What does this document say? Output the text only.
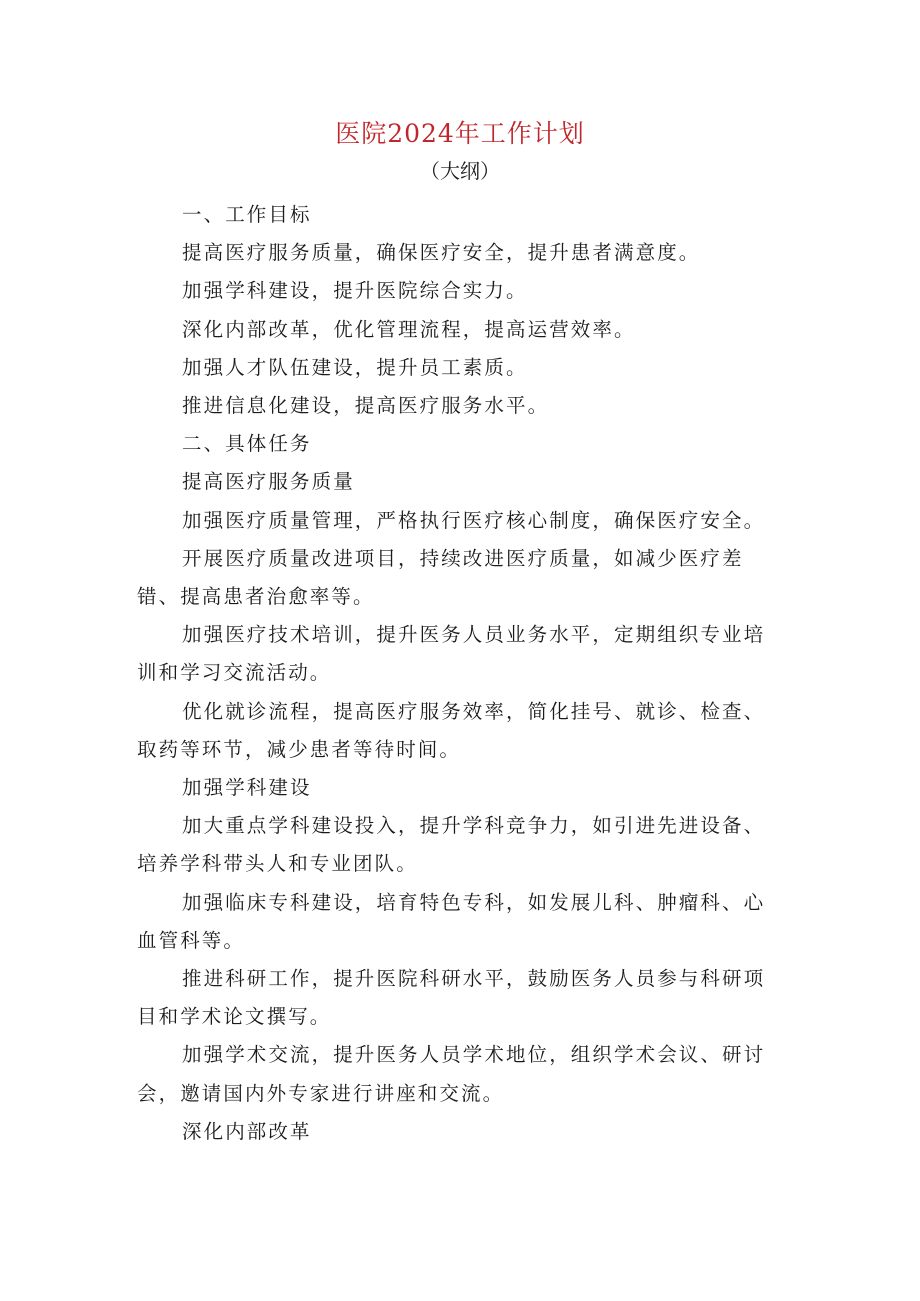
医院2024年工作计划
（大纲）

一、工作目标

提高医疗服务质量，确保医疗安全，提升患者满意度。

加强学科建设，提升医院综合实力。

深化内部改革，优化管理流程，提高运营效率。

加强人才队伍建设，提升员工素质。

推进信息化建设，提高医疗服务水平。

二、具体任务

提高医疗服务质量

加强医疗质量管理，严格执行医疗核心制度，确保医疗安全。

开展医疗质量改进项目，持续改进医疗质量，如减少医疗差错、提高患者治愈率等。

加强医疗技术培训，提升医务人员业务水平，定期组织专业培训和学习交流活动。

优化就诊流程，提高医疗服务效率，简化挂号、就诊、检查、取药等环节，减少患者等待时间。

加强学科建设

加大重点学科建设投入，提升学科竞争力，如引进先进设备、培养学科带头人和专业团队。

加强临床专科建设，培育特色专科，如发展儿科、肿瘤科、心血管科等。

推进科研工作，提升医院科研水平，鼓励医务人员参与科研项目和学术论文撰写。

加强学术交流，提升医务人员学术地位，组织学术会议、研讨会，邀请国内外专家进行讲座和交流。

深化内部改革
